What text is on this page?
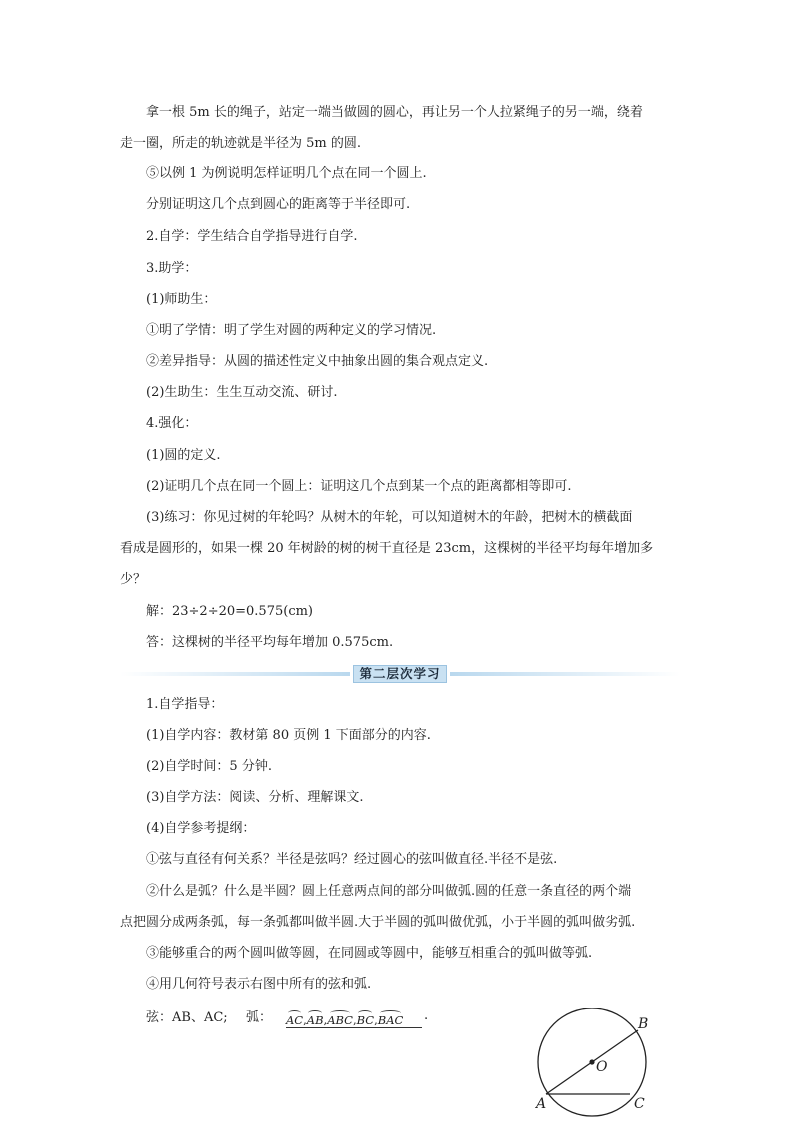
拿一根 5m 长的绳子，站定一端当做圆的圆心，再让另一个人拉紧绳子的另一端，绕着
走一圈，所走的轨迹就是半径为 5m 的圆.
⑤以例 1 为例说明怎样证明几个点在同一个圆上.
分别证明这几个点到圆心的距离等于半径即可.
2.自学：学生结合自学指导进行自学.
3.助学：
(1)师助生：
①明了学情：明了学生对圆的两种定义的学习情况.
②差异指导：从圆的描述性定义中抽象出圆的集合观点定义.
(2)生助生：生生互动交流、研讨.
4.强化：
(1)圆的定义.
(2)证明几个点在同一个圆上：证明这几个点到某一个点的距离都相等即可.
(3)练习：你见过树的年轮吗？从树木的年轮，可以知道树木的年龄，把树木的横截面
看成是圆形的，如果一棵 20 年树龄的树的树干直径是 23cm，这棵树的半径平均每年增加多
少？
解：23÷2÷20=0.575(cm)
答：这棵树的半径平均每年增加 0.575cm.
第二层次学习
1.自学指导：
(1)自学内容：教材第 80 页例 1 下面部分的内容.
(2)自学时间：5 分钟.
(3)自学方法：阅读、分析、理解课文.
(4)自学参考提纲：
①弦与直径有何关系？半径是弦吗？经过圆心的弦叫做直径.半径不是弦.
②什么是弧？什么是半圆？圆上任意两点间的部分叫做弧.圆的任意一条直径的两个端
点把圆分成两条弧，每一条弧都叫做半圆.大于半圆的弧叫做优弧，小于半圆的弧叫做劣弧.
③能够重合的两个圆叫做等圆，在同圆或等圆中，能够互相重合的弧叫做等弧.
④用几何符号表示右图中所有的弦和弧.
弦：AB、AC; 弧： AC,AB,ABC,BC,BAC .
B
O
A	C
